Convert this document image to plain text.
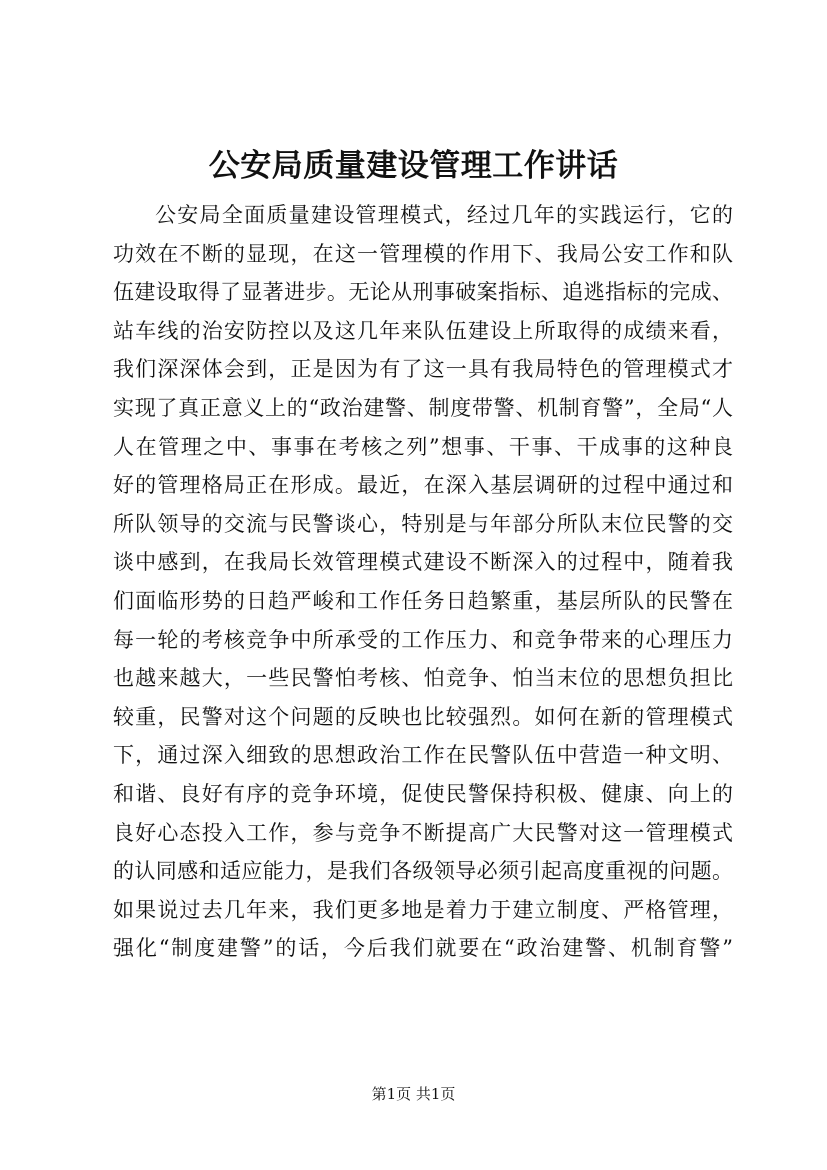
公安局质量建设管理工作讲话
公安局全面质量建设管理模式，经过几年的实践运行，它的
功效在不断的显现，在这一管理模的作用下、我局公安工作和队
伍建设取得了显著进步。无论从刑事破案指标、追逃指标的完成、
站车线的治安防控以及这几年来队伍建设上所取得的成绩来看，
我们深深体会到，正是因为有了这一具有我局特色的管理模式才
实现了真正意义上的“政治建警、制度带警、机制育警”，全局“人
人在管理之中、事事在考核之列”想事、干事、干成事的这种良
好的管理格局正在形成。最近，在深入基层调研的过程中通过和
所队领导的交流与民警谈心，特别是与年部分所队末位民警的交
谈中感到，在我局长效管理模式建设不断深入的过程中，随着我
们面临形势的日趋严峻和工作任务日趋繁重，基层所队的民警在
每一轮的考核竞争中所承受的工作压力、和竞争带来的心理压力
也越来越大，一些民警怕考核、怕竞争、怕当末位的思想负担比
较重，民警对这个问题的反映也比较强烈。如何在新的管理模式
下，通过深入细致的思想政治工作在民警队伍中营造一种文明、
和谐、良好有序的竞争环境，促使民警保持积极、健康、向上的
良好心态投入工作，参与竞争不断提高广大民警对这一管理模式
的认同感和适应能力，是我们各级领导必须引起高度重视的问题。
如果说过去几年来，我们更多地是着力于建立制度、严格管理，
强化“制度建警”的话，今后我们就要在“政治建警、机制育警”
第1页 共1页
